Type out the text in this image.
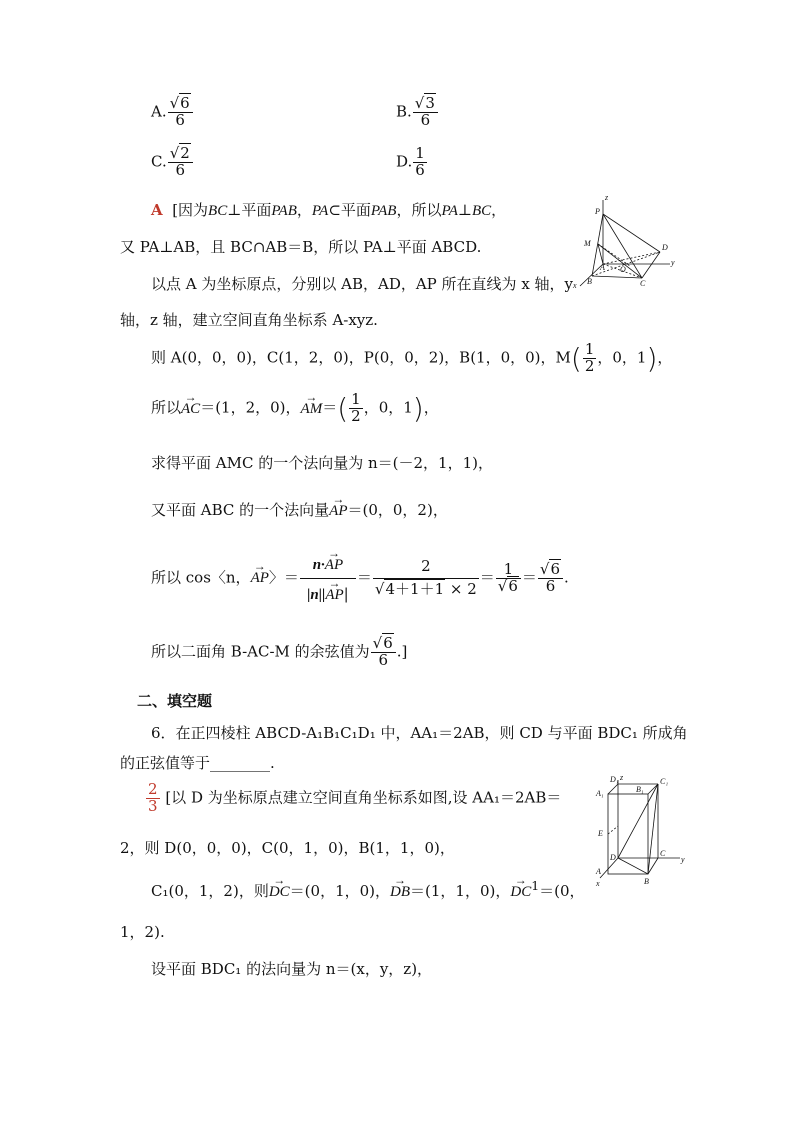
A. $\frac{√6}{6}$	B. $\frac{√3}{6}$
C. $\frac{√2}{6}$	D. $\frac{1}{6}$
A [因为BC⊥平面PAB，PA⊂平面PAB，所以PA⊥BC，
又 PA⊥AB，且 BC∩AB＝B，所以 PA⊥平面 ABCD.
以点 A 为坐标原点，分别以 AB，AD，AP 所在直线为 x 轴，y
轴，z 轴，建立空间直角坐标系 A-xyz.
则 A(0，0，0)，C(1，2，0)，P(0，0，2)，B(1，0，0)，$M( \frac{1}{2}$ ，0，1)，
所以→ AC＝(1，2，0)，→ $AM=( \frac{1}{2}$ ，0，1)，
求得平面 AMC 的一个法向量为 n＝(－2，1，1)，
又平面 ABC 的一个法向量→ AP＝(0，0，2)，
所以 cos〈n，→ AP〉＝ $\frac{n\cdot\to AP}{|n||\to AP|} = \frac{2}{√4+1+1 \times 2} = \frac{1}{√6} = \frac{√6}{6}$ .
所以二面角 B-AC-M 的余弦值为 $\frac{√6}{6}$ .]
二、填空题
6．在正四棱柱 ABCD-A₁B₁C₁D₁ 中，AA₁＝2AB，则 CD 与平面 BDC₁ 所成角
的正弦值等于________.
$\frac{2}{3}$ [以 D 为坐标原点建立空间直角坐标系如图,设 AA₁＝2AB＝
2，则 D(0，0，0)，C(0，1，0)，B(1，1，0)，
C₁(0，1，2)，则→ DC＝(0，1，0)，→ DB＝(1，1，0)，→ $DC^1=(0$，
1，2).
设平面 BDC₁ 的法向量为 n＝(x，y，z)，
z
P
M
A O
D
y
B	C
x
D₁ z	C₁
A₁	B₁
E
D	C
y
A
B
x
